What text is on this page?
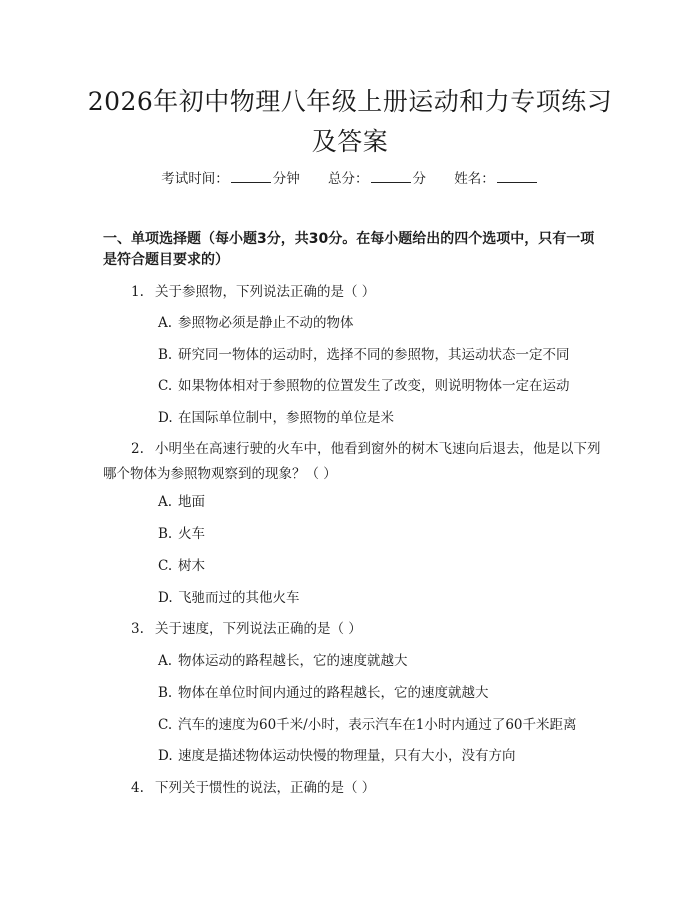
2026年初中物理八年级上册运动和力专项练习及答案
考试时间：	分钟 总分：	分 姓名：
一、单项选择题（每小题3分，共30分。在每小题给出的四个选项中，只有一项是符合题目要求的）
1. 关于参照物，下列说法正确的是（ ）
A. 参照物必须是静止不动的物体
B. 研究同一物体的运动时，选择不同的参照物，其运动状态一定不同
C. 如果物体相对于参照物的位置发生了改变，则说明物体一定在运动
D. 在国际单位制中，参照物的单位是米
2. 小明坐在高速行驶的火车中，他看到窗外的树木飞速向后退去，他是以下列哪个物体为参照物观察到的现象？（ ）
A. 地面
B. 火车
C. 树木
D. 飞驰而过的其他火车
3. 关于速度，下列说法正确的是（ ）
A. 物体运动的路程越长，它的速度就越大
B. 物体在单位时间内通过的路程越长，它的速度就越大
C. 汽车的速度为60千米/小时，表示汽车在1小时内通过了60千米距离
D. 速度是描述物体运动快慢的物理量，只有大小，没有方向
4. 下列关于惯性的说法，正确的是（ ）
